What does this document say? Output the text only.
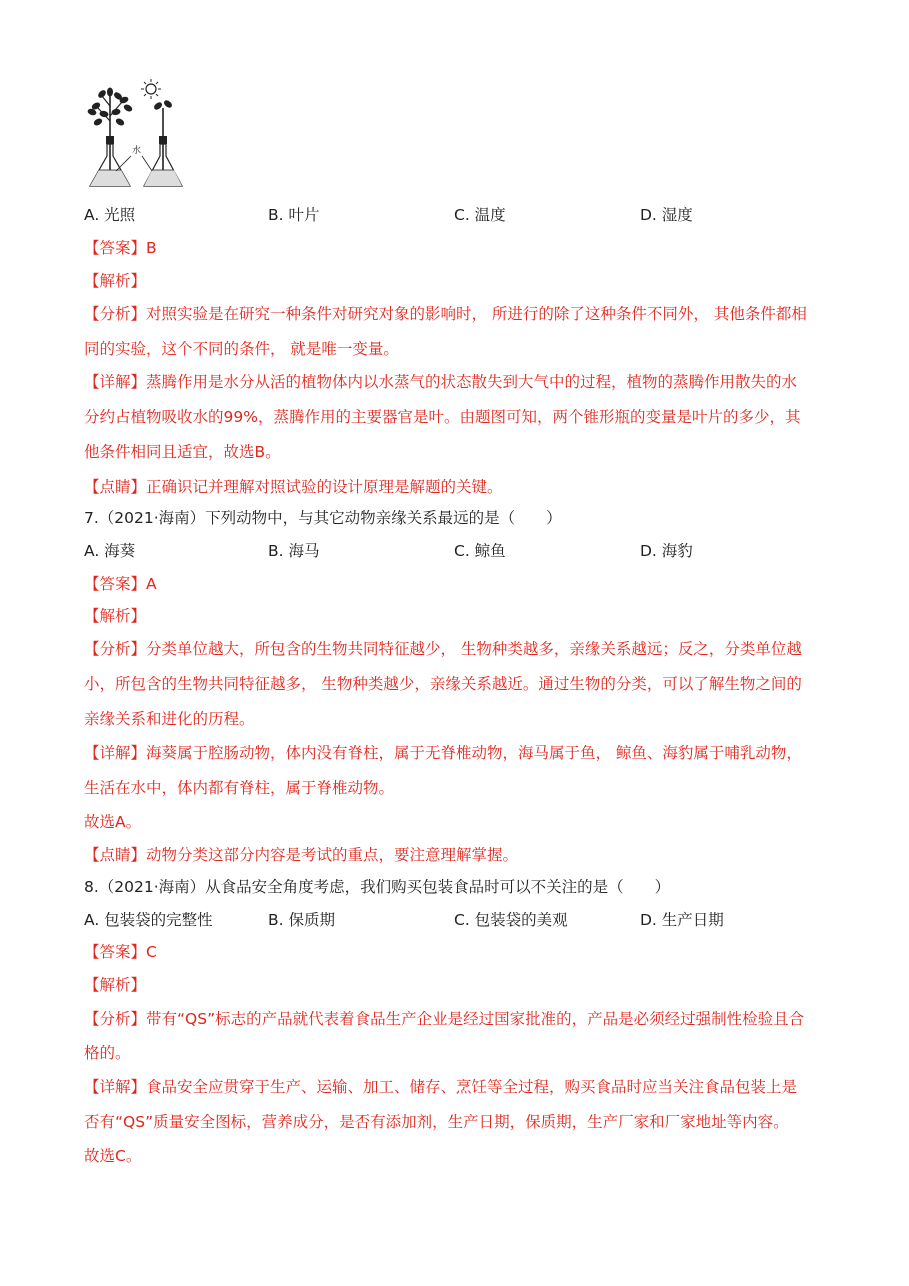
水
A. 光照	B. 叶片	C. 温度	D. 湿度
【答案】B
【解析】
【分析】对照实验是在研究一种条件对研究对象的影响时， 所进行的除了这种条件不同外， 其他条件都相
同的实验，这个不同的条件， 就是唯一变量。
【详解】蒸腾作用是水分从活的植物体内以水蒸气的状态散失到大气中的过程，植物的蒸腾作用散失的水
分约占植物吸收水的99%，蒸腾作用的主要器官是叶。由题图可知，两个锥形瓶的变量是叶片的多少，其
他条件相同且适宜，故选B。
【点睛】正确识记并理解对照试验的设计原理是解题的关键。
7.（2021·海南）下列动物中，与其它动物亲缘关系最远的是（　　）
A. 海葵	B. 海马	C. 鲸鱼	D. 海豹
【答案】A
【解析】
【分析】分类单位越大，所包含的生物共同特征越少， 生物种类越多，亲缘关系越远；反之，分类单位越
小，所包含的生物共同特征越多， 生物种类越少，亲缘关系越近。通过生物的分类，可以了解生物之间的
亲缘关系和进化的历程。
【详解】海葵属于腔肠动物，体内没有脊柱，属于无脊椎动物，海马属于鱼， 鲸鱼、海豹属于哺乳动物，
生活在水中，体内都有脊柱，属于脊椎动物。
故选A。
【点睛】动物分类这部分内容是考试的重点，要注意理解掌握。
8.（2021·海南）从食品安全角度考虑，我们购买包装食品时可以不关注的是（　　）
A. 包装袋的完整性	B. 保质期	C. 包装袋的美观	D. 生产日期
【答案】C
【解析】
【分析】带有“QS”标志的产品就代表着食品生产企业是经过国家批准的，产品是必须经过强制性检验且合
格的。
【详解】食品安全应贯穿于生产、运输、加工、储存、烹饪等全过程，购买食品时应当关注食品包装上是
否有“QS”质量安全图标，营养成分，是否有添加剂，生产日期，保质期，生产厂家和厂家地址等内容。
故选C。
